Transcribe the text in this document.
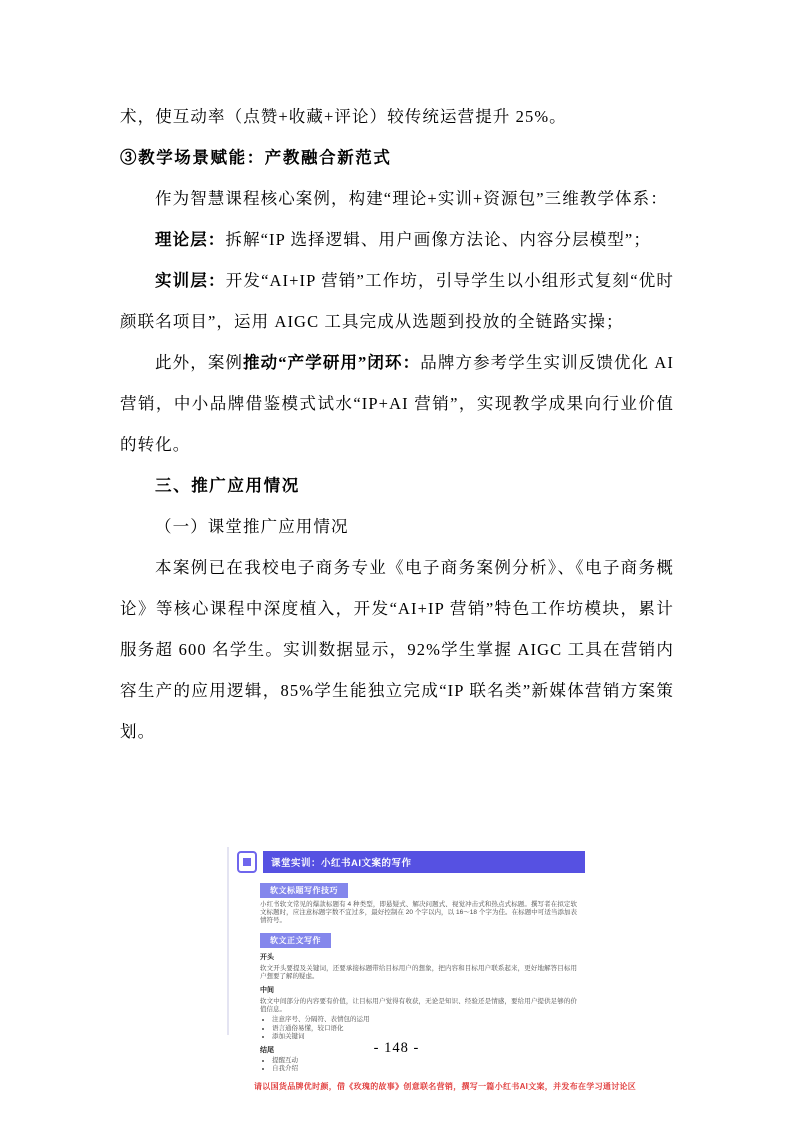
术，使互动率（点赞+收藏+评论）较传统运营提升 25%。

③教学场景赋能：产教融合新范式

作为智慧课程核心案例，构建“理论+实训+资源包”三维教学体系：

理论层：拆解“IP 选择逻辑、用户画像方法论、内容分层模型”；

实训层：开发“AI+IP 营销”工作坊，引导学生以小组形式复刻“优时颜联名项目”，运用 AIGC 工具完成从选题到投放的全链路实操；

此外，案例推动“产学研用”闭环：品牌方参考学生实训反馈优化 AI 营销，中小品牌借鉴模式试水“IP+AI 营销”，实现教学成果向行业价值的转化。

三、推广应用情况

（一）课堂推广应用情况

本案例已在我校电子商务专业《电子商务案例分析》、《电子商务概论》等核心课程中深度植入，开发“AI+IP 营销”特色工作坊模块，累计服务超 600 名学生。实训数据显示，92%学生掌握 AIGC 工具在营销内容生产的应用逻辑，85%学生能独立完成“IP 联名类”新媒体营销方案策划。

课堂实训：小红书AI文案的写作
软文标题写作技巧

小红书软文常见的爆款标题有 4 种类型，即悬疑式、解决问题式、视觉冲击式和热点式标题。撰写者在拟定软文标题时，应注意标题字数不宜过多，最好控制在 20 个字以内，以 16～18 个字为佳。在标题中可适当添加表情符号。

软文正文写作

开头

软文开头要提及关键词，还要承接标题带给目标用户的想象，把内容和目标用户联系起来，更好地解答目标用户想要了解的疑虑。

中间

软文中间部分的内容要有价值，让目标用户觉得有收获，无论是知识、经验还是情感，要给用户提供足够的价值信息。

• 注意序号、分隔符、表情包的运用
• 语言通俗易懂，较口语化
• 添加关键词

结尾

• 提醒互动
• 自我介绍

请以国货品牌优时颜，借《玫瑰的故事》创意联名营销，撰写一篇小红书AI文案，并发布在学习通讨论区

- 148 -
